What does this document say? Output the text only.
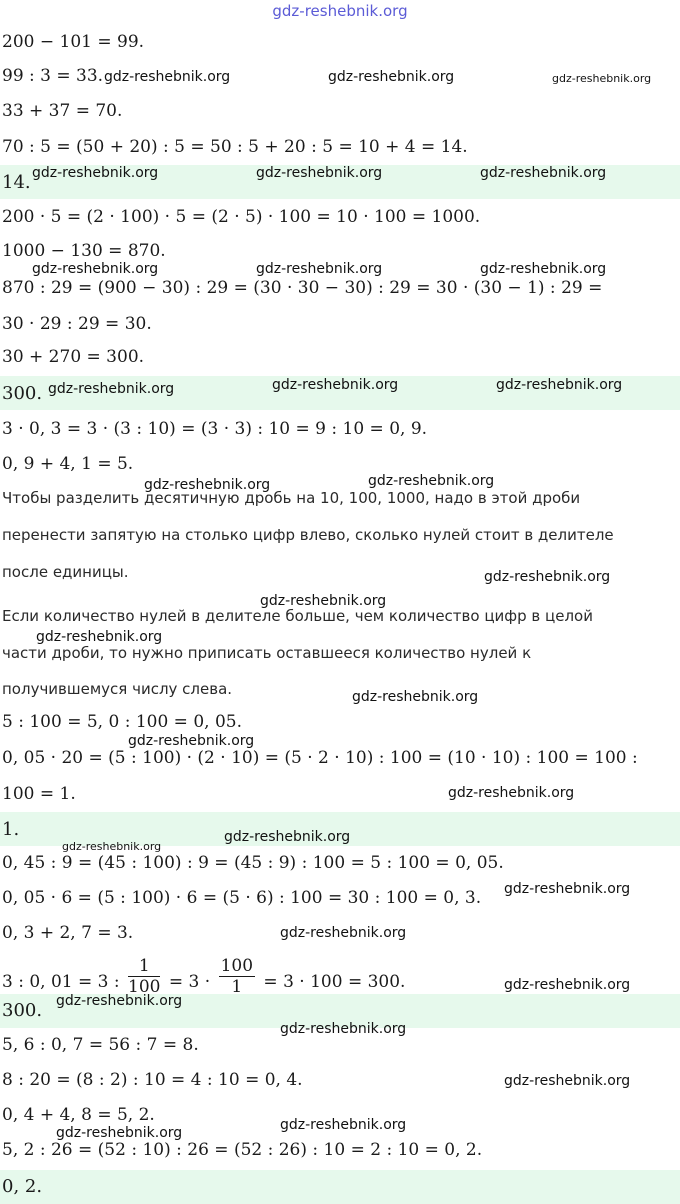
gdz-reshebnik.org
200 − 101 = 99.
99 : 3 = 33.
33 + 37 = 70.
70 : 5 = (50 + 20) : 5 = 50 : 5 + 20 : 5 = 10 + 4 = 14.
14.
200 · 5 = (2 · 100) · 5 = (2 · 5) · 100 = 10 · 100 = 1000.
1000 − 130 = 870.
870 : 29 = (900 − 30) : 29 = (30 · 30 − 30) : 29 = 30 · (30 − 1) : 29 =
30 · 29 : 29 = 30.
30 + 270 = 300.
300.
3 · 0, 3 = 3 · (3 : 10) = (3 · 3) : 10 = 9 : 10 = 0, 9.
0, 9 + 4, 1 = 5.
Чтобы разделить десятичную дробь на 10, 100, 1000, надо в этой дроби
перенести запятую на столько цифр влево, сколько нулей стоит в делителе
после единицы.
Если количество нулей в делителе больше, чем количество цифр в целой
части дроби, то нужно приписать оставшееся количество нулей к
получившемуся числу слева.
5 : 100 = 5, 0 : 100 = 0, 05.
0, 05 · 20 = (5 : 100) · (2 · 10) = (5 · 2 · 10) : 100 = (10 · 10) : 100 = 100 :
100 = 1.
1.
0, 45 : 9 = (45 : 100) : 9 = (45 : 9) : 100 = 5 : 100 = 0, 05.
0, 05 · 6 = (5 : 100) · 6 = (5 · 6) : 100 = 30 : 100 = 0, 3.
0, 3 + 2, 7 = 3.
3 : 0, 01 = 3 : $\frac{1}{100} = 3 \cdot \frac{100}{1} = 3 \cdot 100 = 300$.
300.
5, 6 : 0, 7 = 56 : 7 = 8.
8 : 20 = (8 : 2) : 10 = 4 : 10 = 0, 4.
0, 4 + 4, 8 = 5, 2.
5, 2 : 26 = (52 : 10) : 26 = (52 : 26) : 10 = 2 : 10 = 0, 2.
0, 2.
gdz-reshebnik.org	gdz-reshebnik.org	gdz-reshebnik.org
gdz-reshebnik.org	gdz-reshebnik.org	gdz-reshebnik.org
gdz-reshebnik.org	gdz-reshebnik.org	gdz-reshebnik.org
gdz-reshebnik.org	gdz-reshebnik.org	gdz-reshebnik.org
gdz-reshebnik.org	gdz-reshebnik.org
gdz-reshebnik.org
gdz-reshebnik.org
gdz-reshebnik.org
gdz-reshebnik.org
gdz-reshebnik.org
gdz-reshebnik.org
gdz-reshebnik.org
gdz-reshebnik.org
gdz-reshebnik.org
gdz-reshebnik.org
gdz-reshebnik.org
gdz-reshebnik.org
gdz-reshebnik.org
gdz-reshebnik.org
gdz-reshebnik.org
gdz-reshebnik.org
